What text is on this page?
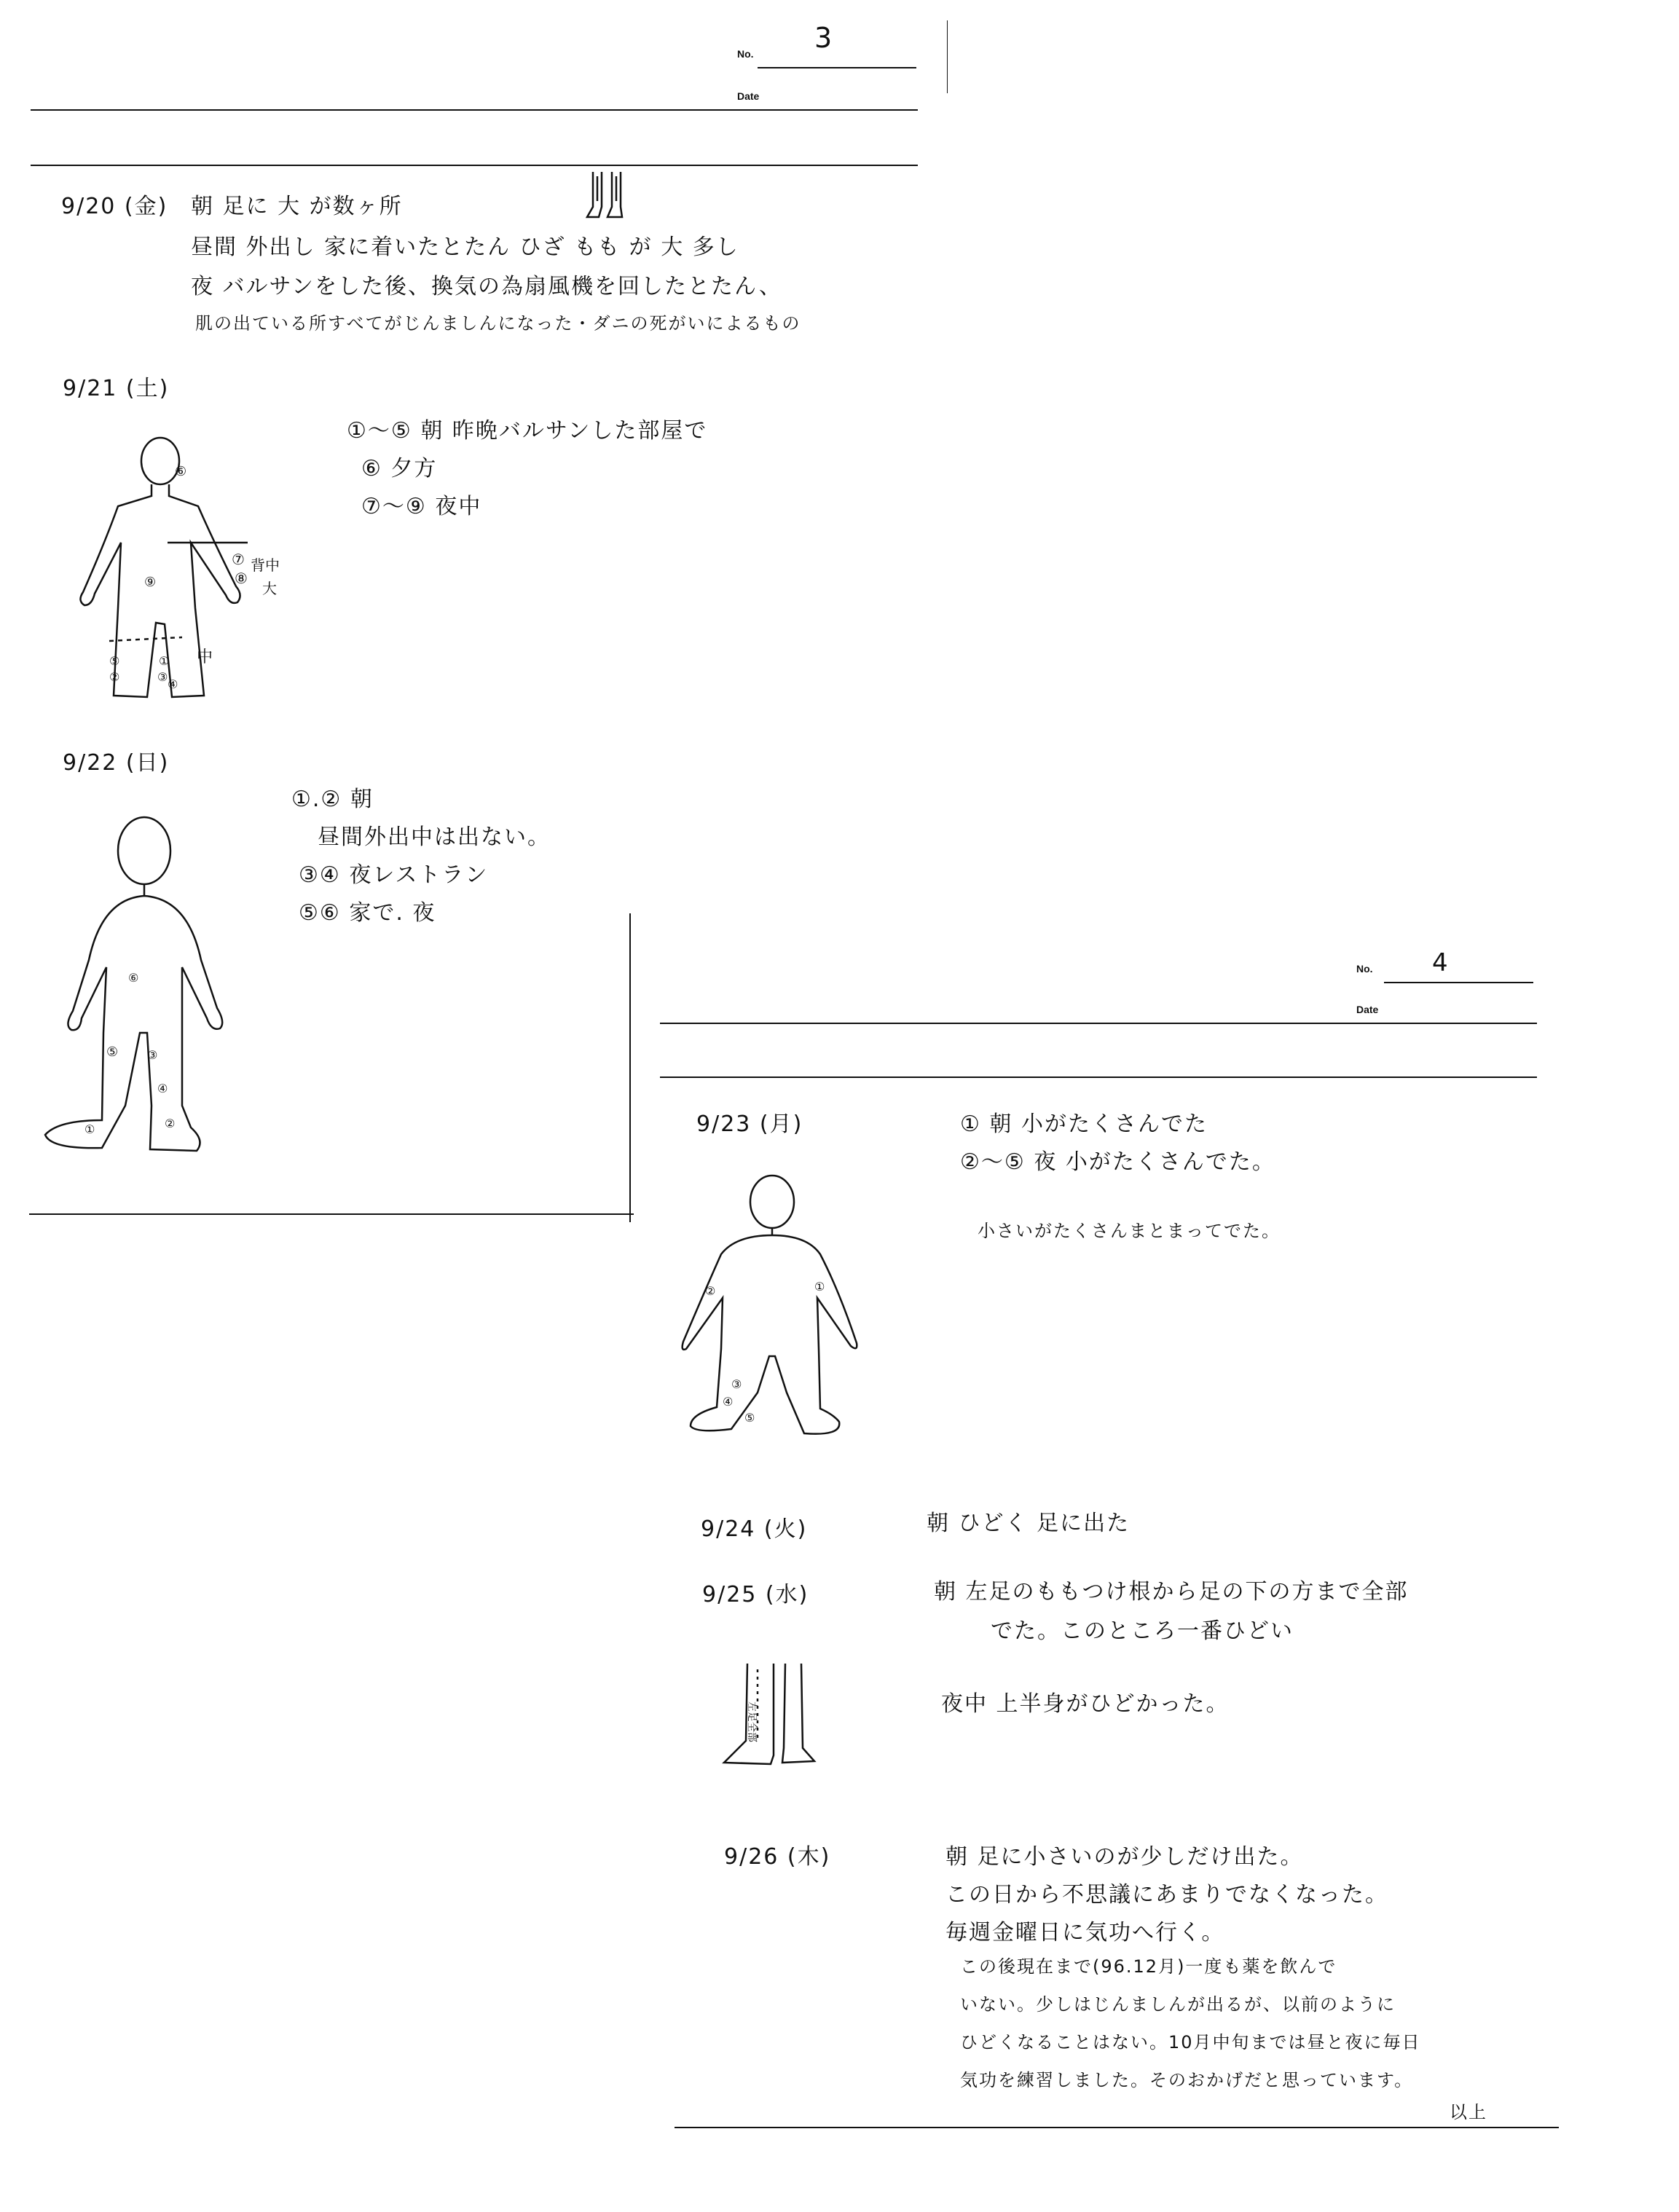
No. 3
Date
9/20 (金) 朝 足に 大 が数ヶ所
昼間 外出し 家に着いたとたん ひざ もも が 大 多し
夜 バルサンをした後、換気の為扇風機を回したとたん、
肌の出ている所すべてがじんましんになった・ダニの死がいによるもの
9/21 (土)
①〜⑤ 朝 昨晩バルサンした部屋で
⑥ 夕方
⑦〜⑨ 夜中
⑥
⑦ 背中
⑧
大
⑨
中
⑤	①
②	③
④
9/22 (日)
①.② 朝
昼間外出中は出ない。
③④ 夜レストラン
⑤⑥ 家で. 夜
⑥
⑤
①
③
④
②
No. 4
Date
9/23 (月)	① 朝 小がたくさんでた
②〜⑤ 夜 小がたくさんでた。
小さいがたくさんまとまってでた。
②
③
④
⑤
①
9/24 (火)	朝 ひどく 足に出た
9/25 (水)	朝 左足のももつけ根から足の下の方まで全部
でた。このところ一番ひどい
夜中 上半身がひどかった。
左足全部
9/26 (木)	朝 足に小さいのが少しだけ出た。
この日から不思議にあまりでなくなった。
毎週金曜日に気功へ行く。
この後現在まで(96.12月)一度も薬を飲んで
いない。少しはじんましんが出るが、以前のように
ひどくなることはない。10月中旬までは昼と夜に毎日
気功を練習しました。そのおかげだと思っています。
以上
